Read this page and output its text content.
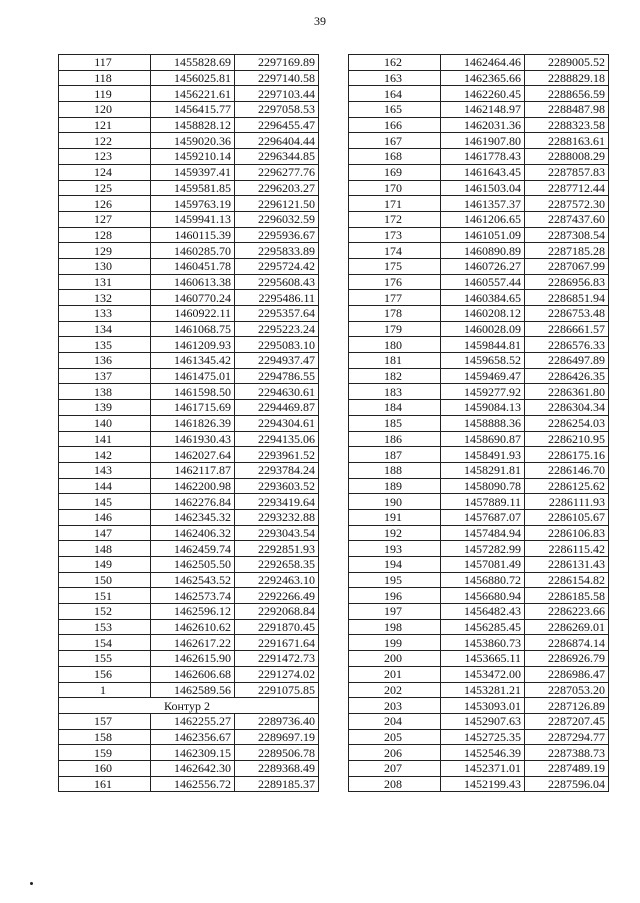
39
117	1455828.69	2297169.89
118	1456025.81	2297140.58
119	1456221.61	2297103.44
120	1456415.77	2297058.53
121	1458828.12	2296455.47
122	1459020.36	2296404.44
123	1459210.14	2296344.85
124	1459397.41	2296277.76
125	1459581.85	2296203.27
126	1459763.19	2296121.50
127	1459941.13	2296032.59
128	1460115.39	2295936.67
129	1460285.70	2295833.89
130	1460451.78	2295724.42
131	1460613.38	2295608.43
132	1460770.24	2295486.11
133	1460922.11	2295357.64
134	1461068.75	2295223.24
135	1461209.93	2295083.10
136	1461345.42	2294937.47
137	1461475.01	2294786.55
138	1461598.50	2294630.61
139	1461715.69	2294469.87
140	1461826.39	2294304.61
141	1461930.43	2294135.06
142	1462027.64	2293961.52
143	1462117.87	2293784.24
144	1462200.98	2293603.52
145	1462276.84	2293419.64
146	1462345.32	2293232.88
147	1462406.32	2293043.54
148	1462459.74	2292851.93
149	1462505.50	2292658.35
150	1462543.52	2292463.10
151	1462573.74	2292266.49
152	1462596.12	2292068.84
153	1462610.62	2291870.45
154	1462617.22	2291671.64
155	1462615.90	2291472.73
156	1462606.68	2291274.02
1	1462589.56	2291075.85
Контур 2		
157	1462255.27	2289736.40
158	1462356.67	2289697.19
159	1462309.15	2289506.78
160	1462642.30	2289368.49
161	1462556.72	2289185.37
162	1462464.46	2289005.52
163	1462365.66	2288829.18
164	1462260.45	2288656.59
165	1462148.97	2288487.98
166	1462031.36	2288323.58
167	1461907.80	2288163.61
168	1461778.43	2288008.29
169	1461643.45	2287857.83
170	1461503.04	2287712.44
171	1461357.37	2287572.30
172	1461206.65	2287437.60
173	1461051.09	2287308.54
174	1460890.89	2287185.28
175	1460726.27	2287067.99
176	1460557.44	2286956.83
177	1460384.65	2286851.94
178	1460208.12	2286753.48
179	1460028.09	2286661.57
180	1459844.81	2286576.33
181	1459658.52	2286497.89
182	1459469.47	2286426.35
183	1459277.92	2286361.80
184	1459084.13	2286304.34
185	1458888.36	2286254.03
186	1458690.87	2286210.95
187	1458491.93	2286175.16
188	1458291.81	2286146.70
189	1458090.78	2286125.62
190	1457889.11	2286111.93
191	1457687.07	2286105.67
192	1457484.94	2286106.83
193	1457282.99	2286115.42
194	1457081.49	2286131.43
195	1456880.72	2286154.82
196	1456680.94	2286185.58
197	1456482.43	2286223.66
198	1456285.45	2286269.01
199	1453860.73	2286874.14
200	1453665.11	2286926.79
201	1453472.00	2286986.47
202	1453281.21	2287053.20
203	1453093.01	2287126.89
204	1452907.63	2287207.45
205	1452725.35	2287294.77
206	1452546.39	2287388.73
207	1452371.01	2287489.19
208	1452199.43	2287596.04
